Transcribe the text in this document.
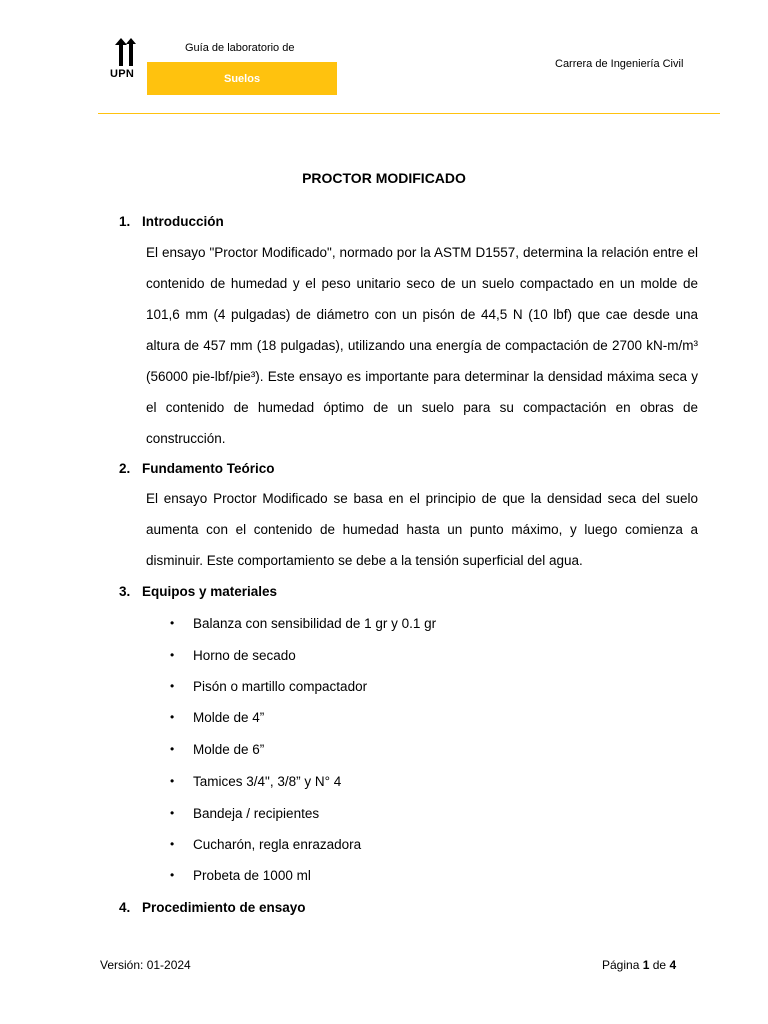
UPN
Guía de laboratorio de
Suelos
Carrera de Ingeniería Civil
PROCTOR MODIFICADO
1. Introducción
El ensayo "Proctor Modificado", normado por la ASTM D1557, determina la relación entre el contenido de humedad y el peso unitario seco de un suelo compactado en un molde de 101,6 mm (4 pulgadas) de diámetro con un pisón de 44,5 N (10 lbf) que cae desde una altura de 457 mm (18 pulgadas), utilizando una energía de compactación de 2700 kN-m/m³ (56000 pie-lbf/pie³). Este ensayo es importante para determinar la densidad máxima seca y el contenido de humedad óptimo de un suelo para su compactación en obras de construcción.
2. Fundamento Teórico
El ensayo Proctor Modificado se basa en el principio de que la densidad seca del suelo aumenta con el contenido de humedad hasta un punto máximo, y luego comienza a disminuir. Este comportamiento se debe a la tensión superficial del agua.
3. Equipos y materiales
• Balanza con sensibilidad de 1 gr y 0.1 gr
• Horno de secado
• Pisón o martillo compactador
• Molde de 4”
• Molde de 6”
• Tamices 3/4", 3/8” y N° 4
• Bandeja / recipientes
• Cucharón, regla enrazadora
• Probeta de 1000 ml
4. Procedimiento de ensayo
Versión: 01-2024	Página 1 de 4
